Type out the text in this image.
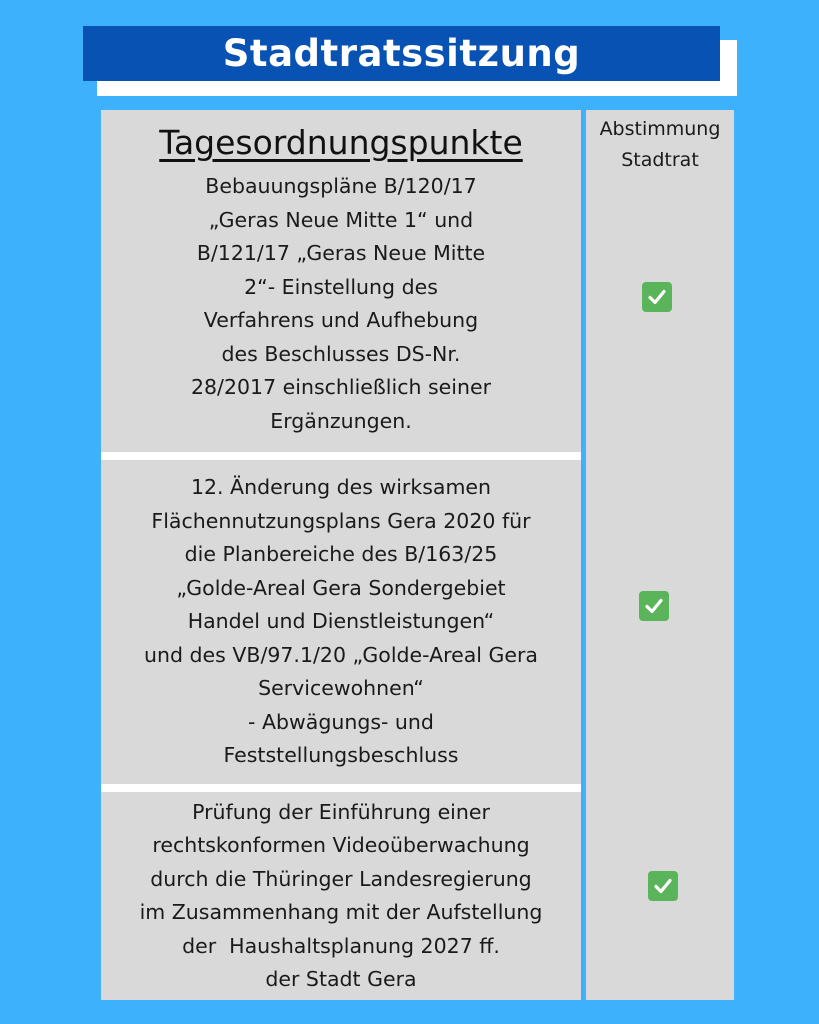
Stadtratssitzung
Tagesordnungspunkte
Bebauungspläne B/120/17
„Geras Neue Mitte 1“ und
B/121/17 „Geras Neue Mitte
2“- Einstellung des
Verfahrens und Aufhebung
des Beschlusses DS-Nr.
28/2017 einschließlich seiner
Ergänzungen.
12. Änderung des wirksamen
Flächennutzungsplans Gera 2020 für
die Planbereiche des B/163/25
„Golde-Areal Gera Sondergebiet
Handel und Dienstleistungen“
und des VB/97.1/20 „Golde-Areal Gera
Servicewohnen“
- Abwägungs- und
Feststellungsbeschluss
Prüfung der Einführung einer
rechtskonformen Videoüberwachung
durch die Thüringer Landesregierung
im Zusammenhang mit der Aufstellung
der  Haushaltsplanung 2027 ff.
der Stadt Gera
Abstimmung
Stadtrat
